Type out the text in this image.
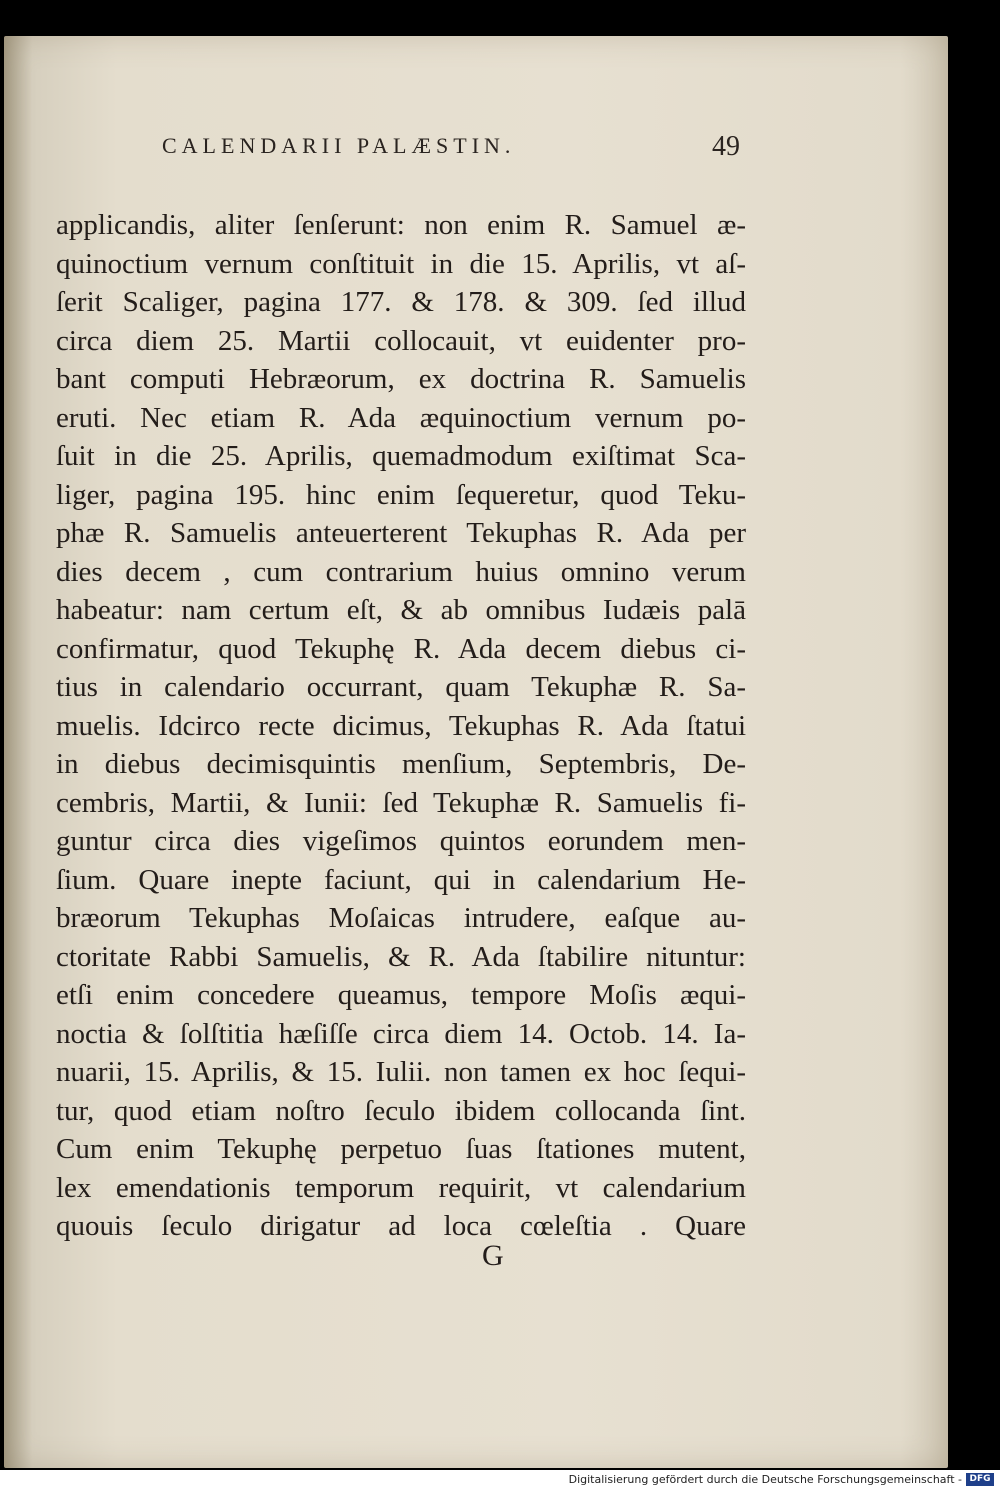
CALENDARII PALÆSTIN.	49
applicandis, aliter ſenſerunt: non enim R. Samuel æ-
quinoctium vernum conſtituit in die 15. Aprilis, vt aſ-
ſerit Scaliger, pagina 177. & 178. & 309. ſed illud
circa diem 25. Martii collocauit, vt euidenter pro-
bant computi Hebræorum, ex doctrina R. Samuelis
eruti. Nec etiam R. Ada æquinoctium vernum po-
ſuit in die 25. Aprilis, quemadmodum exiſtimat Sca-
liger, pagina 195. hinc enim ſequeretur, quod Teku-
phæ R. Samuelis anteuerterent Tekuphas R. Ada per
dies decem , cum contrarium huius omnino verum
habeatur: nam certum eſt, & ab omnibus Iudæis palā
confirmatur, quod Tekuphę R. Ada decem diebus ci-
tius in calendario occurrant, quam Tekuphæ R. Sa-
muelis. Idcirco recte dicimus, Tekuphas R. Ada ſtatui
in diebus decimisquintis menſium, Septembris, De-
cembris, Martii, & Iunii: ſed Tekuphæ R. Samuelis fi-
guntur circa dies vigeſimos quintos eorundem men-
ſium. Quare inepte faciunt, qui in calendarium He-
bræorum Tekuphas Moſaicas intrudere, eaſque au-
ctoritate Rabbi Samuelis, & R. Ada ſtabilire nituntur:
etſi enim concedere queamus, tempore Moſis æqui-
noctia & ſolſtitia hæſiſſe circa diem 14. Octob. 14. Ia-
nuarii, 15. Aprilis, & 15. Iulii. non tamen ex hoc ſequi-
tur, quod etiam noſtro ſeculo ibidem collocanda ſint.
Cum enim Tekuphę perpetuo ſuas ſtationes mutent,
lex emendationis temporum requirit, vt calendarium
quouis ſeculo dirigatur ad loca cœleſtia . Quare
G
Digitalisierung gefördert durch die Deutsche Forschungsgemeinschaft - DFG
